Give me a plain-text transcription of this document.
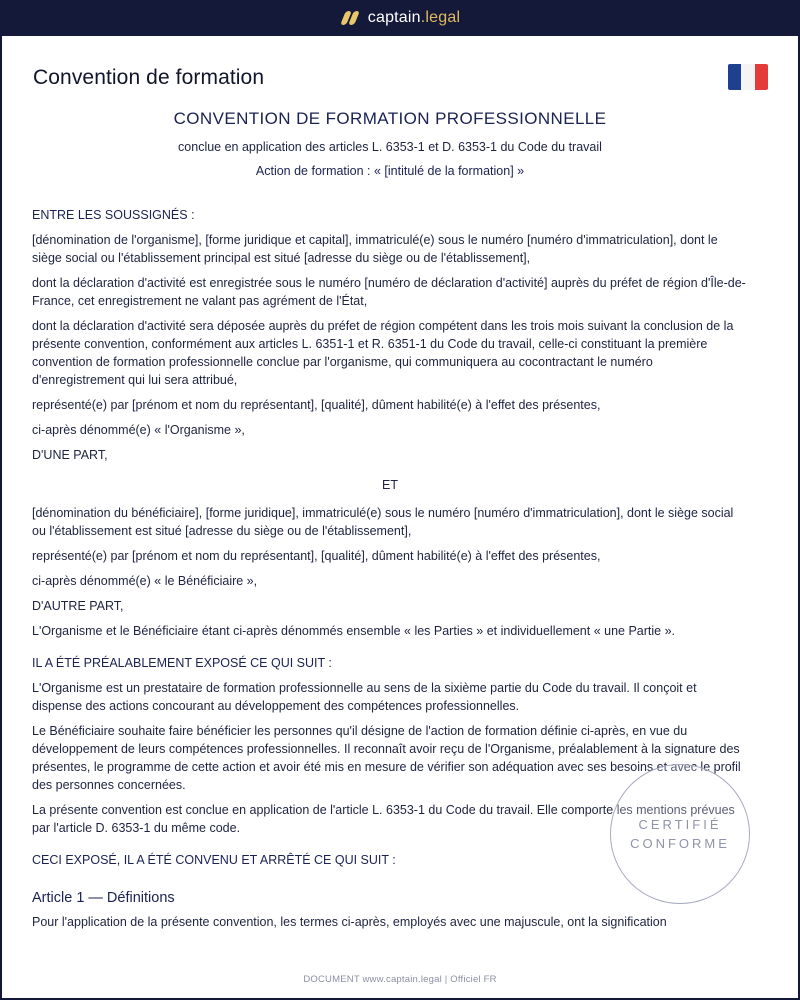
captain.legal
Convention de formation
CONVENTION DE FORMATION PROFESSIONNELLE
conclue en application des articles L. 6353-1 et D. 6353-1 du Code du travail
Action de formation : « [intitulé de la formation] »

ENTRE LES SOUSSIGNÉS :

[dénomination de l'organisme], [forme juridique et capital], immatriculé(e) sous le numéro [numéro d'immatriculation], dont le siège social ou l'établissement principal est situé [adresse du siège ou de l'établissement],

dont la déclaration d'activité est enregistrée sous le numéro [numéro de déclaration d'activité] auprès du préfet de région d'Île-de-France, cet enregistrement ne valant pas agrément de l'État,

dont la déclaration d'activité sera déposée auprès du préfet de région compétent dans les trois mois suivant la conclusion de la présente convention, conformément aux articles L. 6351-1 et R. 6351-1 du Code du travail, celle-ci constituant la première convention de formation professionnelle conclue par l'organisme, qui communiquera au cocontractant le numéro d'enregistrement qui lui sera attribué,

représenté(e) par [prénom et nom du représentant], [qualité], dûment habilité(e) à l'effet des présentes,

ci-après dénommé(e) « l'Organisme »,

D'UNE PART,

ET

[dénomination du bénéficiaire], [forme juridique], immatriculé(e) sous le numéro [numéro d'immatriculation], dont le siège social ou l'établissement est situé [adresse du siège ou de l'établissement],

représenté(e) par [prénom et nom du représentant], [qualité], dûment habilité(e) à l'effet des présentes,

ci-après dénommé(e) « le Bénéficiaire »,

D'AUTRE PART,

L'Organisme et le Bénéficiaire étant ci-après dénommés ensemble « les Parties » et individuellement « une Partie ».

IL A ÉTÉ PRÉALABLEMENT EXPOSÉ CE QUI SUIT :

L'Organisme est un prestataire de formation professionnelle au sens de la sixième partie du Code du travail. Il conçoit et dispense des actions concourant au développement des compétences professionnelles.

Le Bénéficiaire souhaite faire bénéficier les personnes qu'il désigne de l'action de formation définie ci-après, en vue du développement de leurs compétences professionnelles. Il reconnaît avoir reçu de l'Organisme, préalablement à la signature des présentes, le programme de cette action et avoir été mis en mesure de vérifier son adéquation avec ses besoins et avec le profil des personnes concernées.

La présente convention est conclue en application de l'article L. 6353-1 du Code du travail. Elle comporte les mentions prévues par l'article D. 6353-1 du même code.

CECI EXPOSÉ, IL A ÉTÉ CONVENU ET ARRÊTÉ CE QUI SUIT :

Article 1 — Définitions

Pour l'application de la présente convention, les termes ci-après, employés avec une majuscule, ont la signification

CERTIFIÉ
CONFORME
DOCUMENT www.captain.legal | Officiel FR
